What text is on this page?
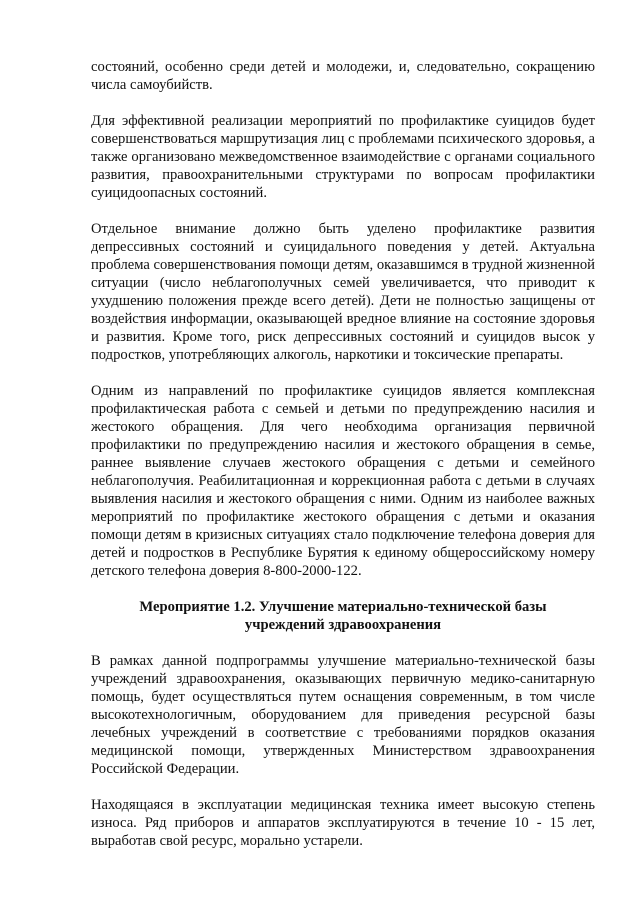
состояний, особенно среди детей и молодежи, и, следовательно, сокращению числа самоубийств.

Для эффективной реализации мероприятий по профилактике суицидов будет совершенствоваться маршрутизация лиц с проблемами психического здоровья, а также организовано межведомственное взаимодействие с органами социального развития, правоохранительными структурами по вопросам профилактики суицидоопасных состояний.

Отдельное внимание должно быть уделено профилактике развития депрессивных состояний и суицидального поведения у детей. Актуальна проблема совершенствования помощи детям, оказавшимся в трудной жизненной ситуации (число неблагополучных семей увеличивается, что приводит к ухудшению положения прежде всего детей). Дети не полностью защищены от воздействия информации, оказывающей вредное влияние на состояние здоровья и развития. Кроме того, риск депрессивных состояний и суицидов высок у подростков, употребляющих алкоголь, наркотики и токсические препараты.

Одним из направлений по профилактике суицидов является комплексная профилактическая работа с семьей и детьми по предупреждению насилия и жестокого обращения. Для чего необходима организация первичной профилактики по предупреждению насилия и жестокого обращения в семье, раннее выявление случаев жестокого обращения с детьми и семейного неблагополучия. Реабилитационная и коррекционная работа с детьми в случаях выявления насилия и жестокого обращения с ними. Одним из наиболее важных мероприятий по профилактике жестокого обращения с детьми и оказания помощи детям в кризисных ситуациях стало подключение телефона доверия для детей и подростков в Республике Бурятия к единому общероссийскому номеру детского телефона доверия 8-800-2000-122.

Мероприятие 1.2. Улучшение материально-технической базы
учреждений здравоохранения

В рамках данной подпрограммы улучшение материально-технической базы учреждений здравоохранения, оказывающих первичную медико-санитарную помощь, будет осуществляться путем оснащения современным, в том числе высокотехнологичным, оборудованием для приведения ресурсной базы лечебных учреждений в соответствие с требованиями порядков оказания медицинской помощи, утвержденных Министерством здравоохранения Российской Федерации.

Находящаяся в эксплуатации медицинская техника имеет высокую степень износа. Ряд приборов и аппаратов эксплуатируются в течение 10 - 15 лет, выработав свой ресурс, морально устарели.
